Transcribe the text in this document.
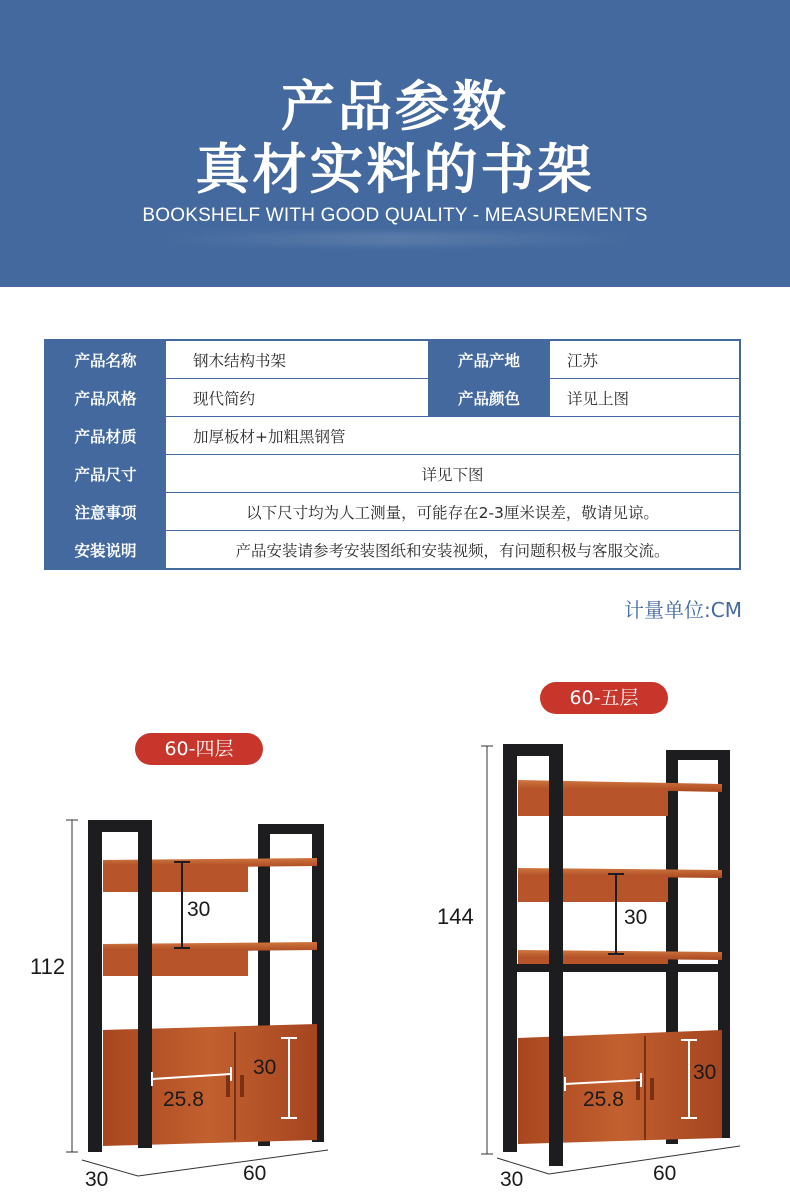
产品参数
真材实料的书架
BOOKSHELF WITH GOOD QUALITY - MEASUREMENTS
产品名称	钢木结构书架	产品产地	江苏
产品风格	现代简约	产品颜色	详见上图
产品材质	加厚板材+加粗黑钢管		
产品尺寸	详见下图		
注意事项	以下尺寸均为人工测量，可能存在2-3厘米误差，敬请见谅。		
安装说明	产品安装请参考安装图纸和安装视频，有问题积极与客服交流。		
计量单位:CM
112
30
30
25.8
30	60
144	30
30
25.8
30	60
60-四层
60-五层
